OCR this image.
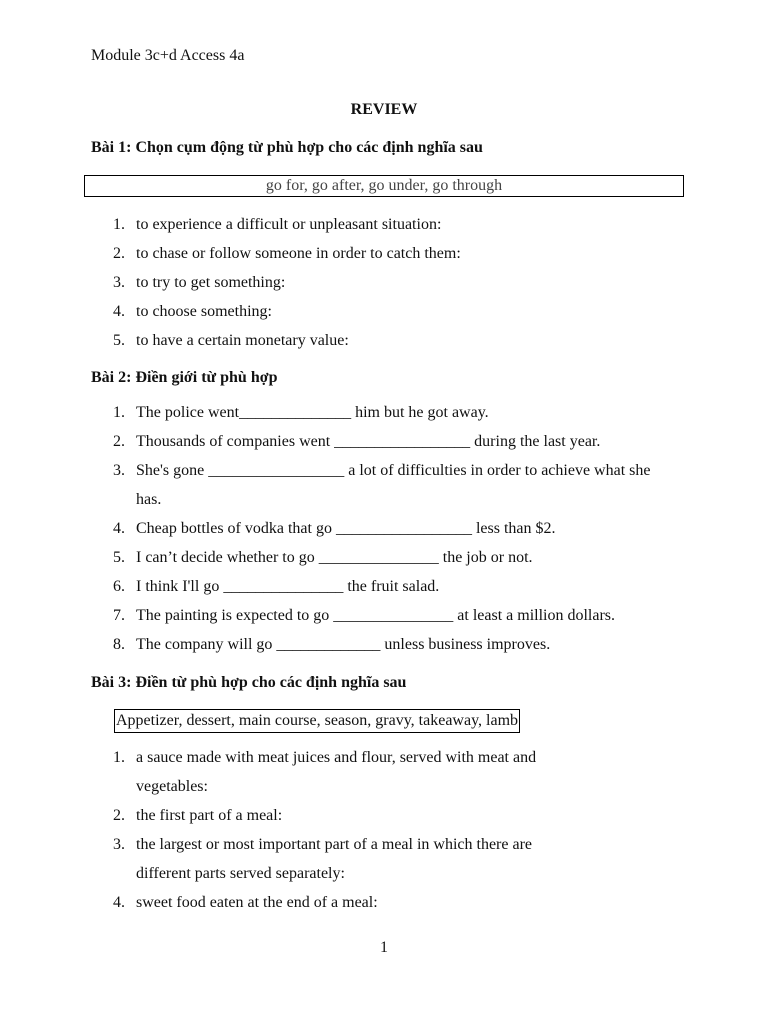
Module 3c+d Access 4a
REVIEW
Bài 1: Chọn cụm động từ phù hợp cho các định nghĩa sau
go for, go after, go under, go through
1. to experience a difficult or unpleasant situation:
2. to chase or follow someone in order to catch them:
3. to try to get something:
4. to choose something:
5. to have a certain monetary value:
Bài 2: Điền giới từ phù hợp
1. The police went______________ him but he got away.
2. Thousands of companies went _________________ during the last year.
3. She's gone _________________ a lot of difficulties in order to achieve what she has.
4. Cheap bottles of vodka that go _________________ less than $2.
5. I can’t decide whether to go _______________ the job or not.
6. I think I'll go _______________ the fruit salad.
7. The painting is expected to go _______________ at least a million dollars.
8. The company will go _____________ unless business improves.
Bài 3: Điền từ phù hợp cho các định nghĩa sau
Appetizer, dessert, main course, season, gravy, takeaway, lamb
1. a sauce made with meat juices and flour, served with meat and vegetables:
2. the first part of a meal:
3. the largest or most important part of a meal in which there are different parts served separately:
4. sweet food eaten at the end of a meal:
1
